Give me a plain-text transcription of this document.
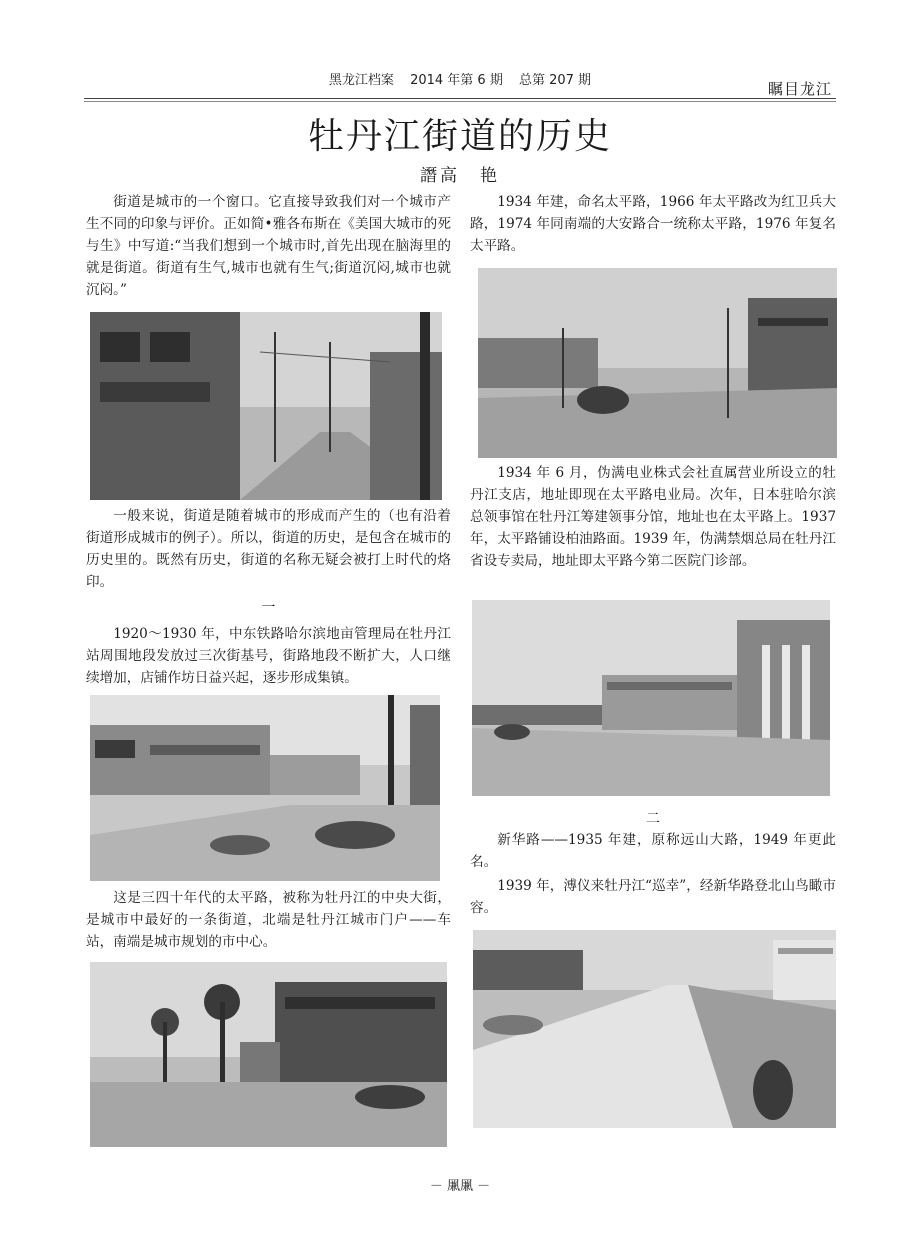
黑龙江档案 2014 年第 6 期 总第 207 期	瞩目龙江
牡丹江街道的历史
譖高　艳

街道是城市的一个窗口。它直接导致我们对一个城市产生不同的印象与评价。正如简•雅各布斯在《美国大城市的死与生》中写道:“当我们想到一个城市时,首先出现在脑海里的就是街道。街道有生气,城市也就有生气;街道沉闷,城市也就沉闷。”

一般来说，街道是随着城市的形成而产生的（也有沿着街道形成城市的例子）。所以，街道的历史，是包含在城市的历史里的。既然有历史，街道的名称无疑会被打上时代的烙印。

一

1920～1930 年，中东铁路哈尔滨地亩管理局在牡丹江站周围地段发放过三次街基号，街路地段不断扩大，人口继续增加，店铺作坊日益兴起，逐步形成集镇。

这是三四十年代的太平路，被称为牡丹江的中央大街，是城市中最好的一条街道，北端是牡丹江城市门户——车站，南端是城市规划的市中心。

1934 年建，命名太平路，1966 年太平路改为红卫兵大路，1974 年同南端的大安路合一统称太平路，1976 年复名太平路。

1934 年 6 月，伪满电业株式会社直属营业所设立的牡丹江支店，地址即现在太平路电业局。次年，日本驻哈尔滨总领事馆在牡丹江筹建领事分馆，地址也在太平路上。1937 年，太平路铺设柏油路面。1939 年，伪满禁烟总局在牡丹江省设专卖局，地址即太平路今第二医院门诊部。

二

新华路——1935 年建，原称远山大路，1949 年更此名。

1939 年，溥仪来牡丹江“巡幸”，经新华路登北山鸟瞰市容。

－ 凲凲 －
